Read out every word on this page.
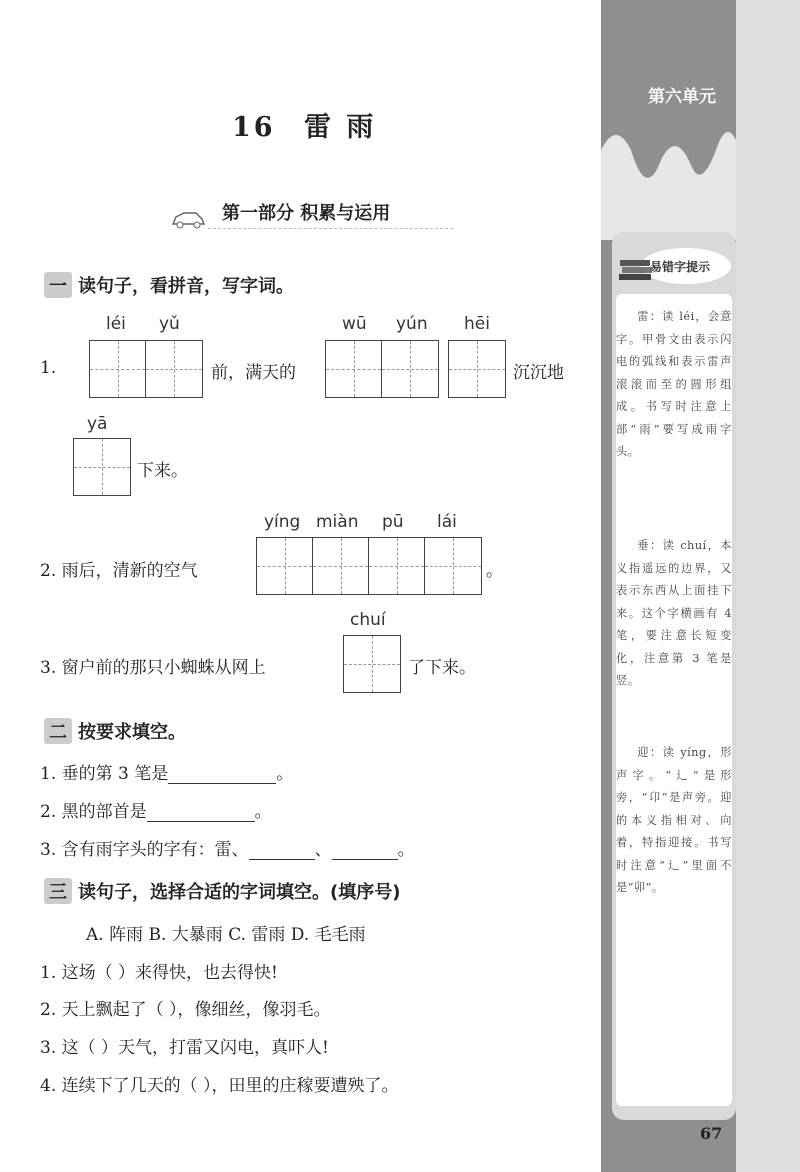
第六单元
易错字提示

雷：读 léi，会意字。甲骨文由表示闪电的弧线和表示雷声滚滚而至的圆形组成。书写时注意上部“雨”要写成雨字头。

垂：读 chuí，本义指遥远的边界，又表示东西从上面挂下来。这个字横画有 4 笔，要注意长短变化，注意第 3 笔是竖。

迎：读 yíng，形声字。“辶”是形旁，“卬”是声旁。迎的本义指相对、向着，特指迎接。书写时注意“辶”里面不是“卯”。

67
16 雷 雨
第一部分 积累与运用
一 读句子，看拼音，写字词。
léi yǔ	wū yún hēi
1.	前，满天的	沉沉地
yā
下来。
yíng miàn pū lái
2. 雨后，清新的空气	。
chuí
3. 窗户前的那只小蜘蛛从网上	了下来。
二 按要求填空。
1. 垂的第 3 笔是	。
2. 黑的部首是	。
3. 含有雨字头的字有：雷、	、	。
三 读句子，选择合适的字词填空。(填序号)
A. 阵雨 B. 大暴雨 C. 雷雨 D. 毛毛雨
1. 这场（ ）来得快，也去得快!
2. 天上飘起了（ ），像细丝，像羽毛。
3. 这（ ）天气，打雷又闪电，真吓人!
4. 连续下了几天的（ ），田里的庄稼要遭殃了。
